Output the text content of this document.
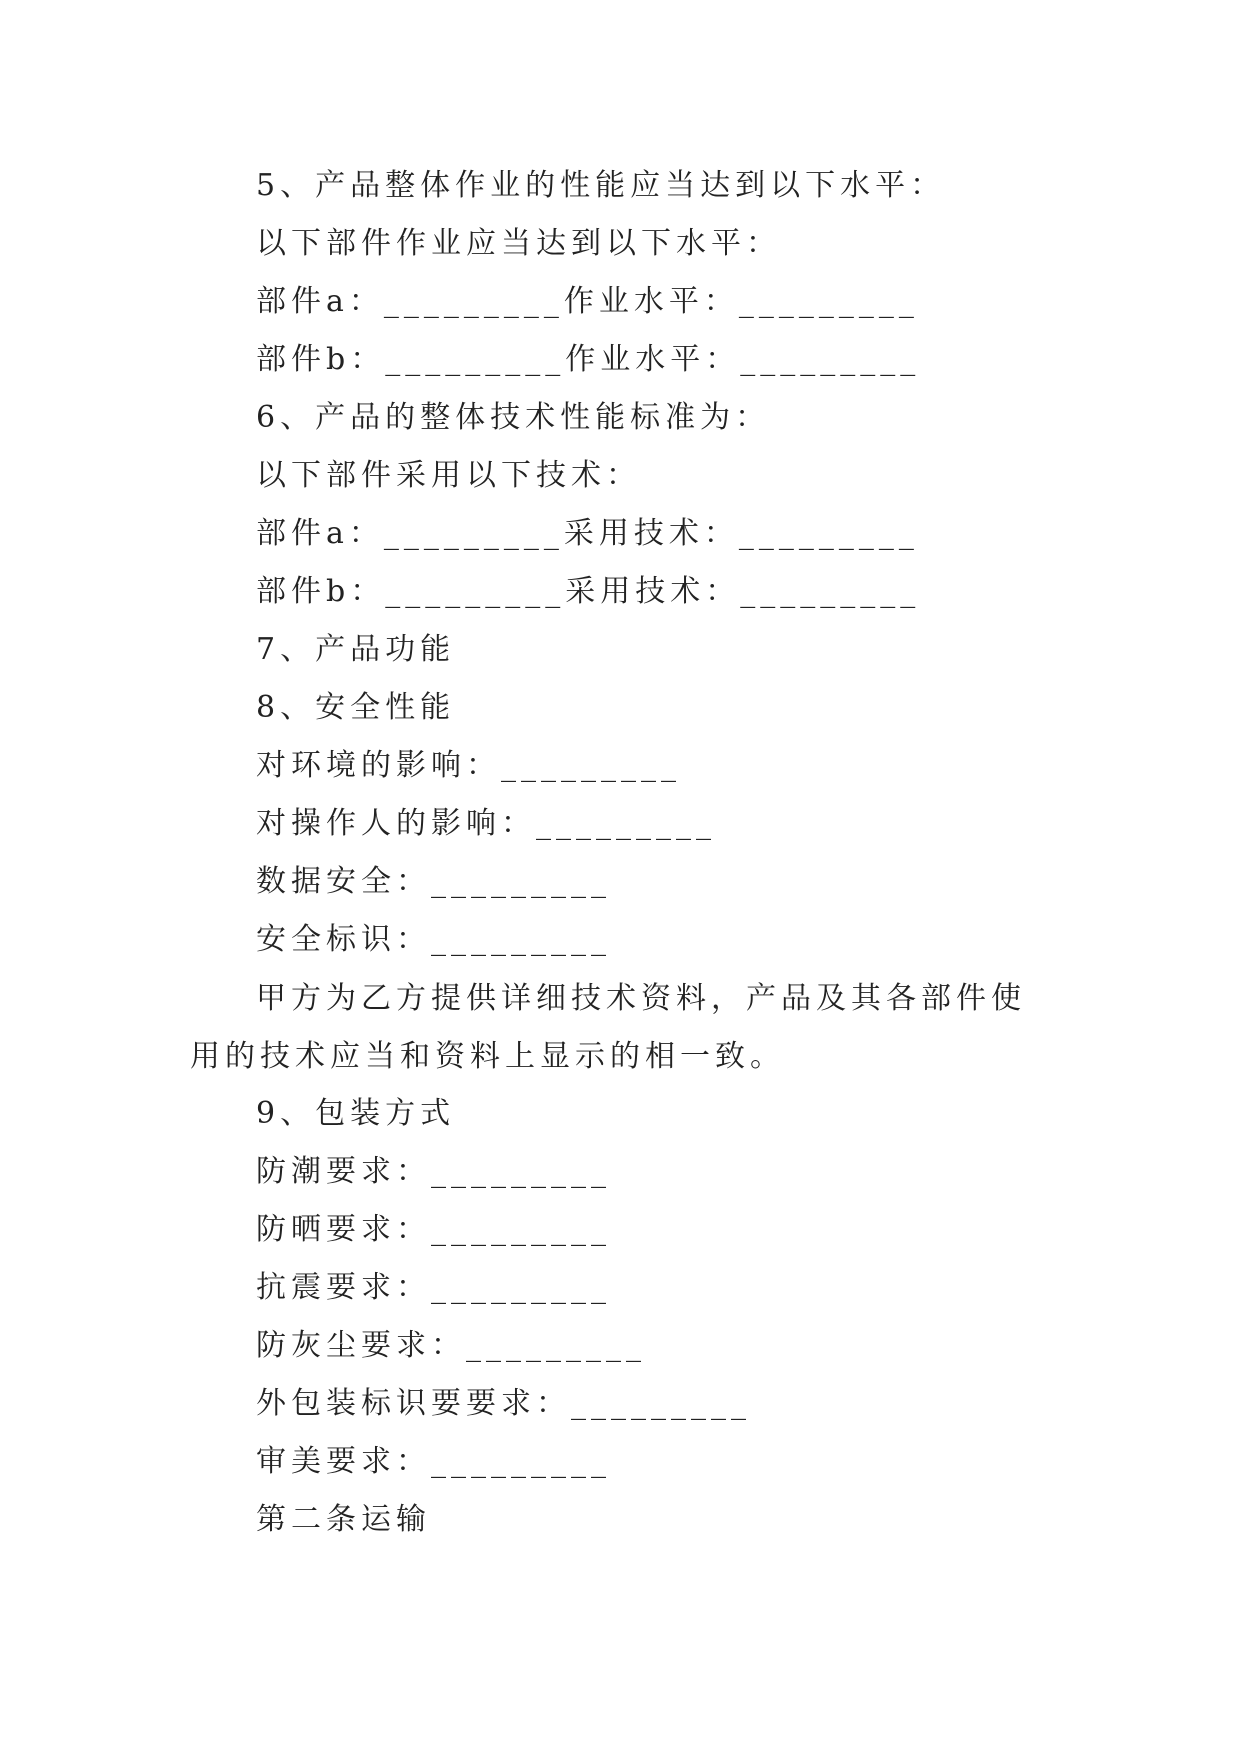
5、产品整体作业的性能应当达到以下水平：
以下部件作业应当达到以下水平：
部件a：_________作业水平：_________
部件b：_________作业水平：_________
6、产品的整体技术性能标准为：
以下部件采用以下技术：
部件a：_________采用技术：_________
部件b：_________采用技术：_________
7、产品功能
8、安全性能
对环境的影响：_________
对操作人的影响：_________
数据安全：_________
安全标识：_________
甲方为乙方提供详细技术资料，产品及其各部件使用的技术应当和资料上显示的相一致。
9、包装方式
防潮要求：_________
防晒要求：_________
抗震要求：_________
防灰尘要求：_________
外包装标识要要求：_________
审美要求：_________
第二条运输
